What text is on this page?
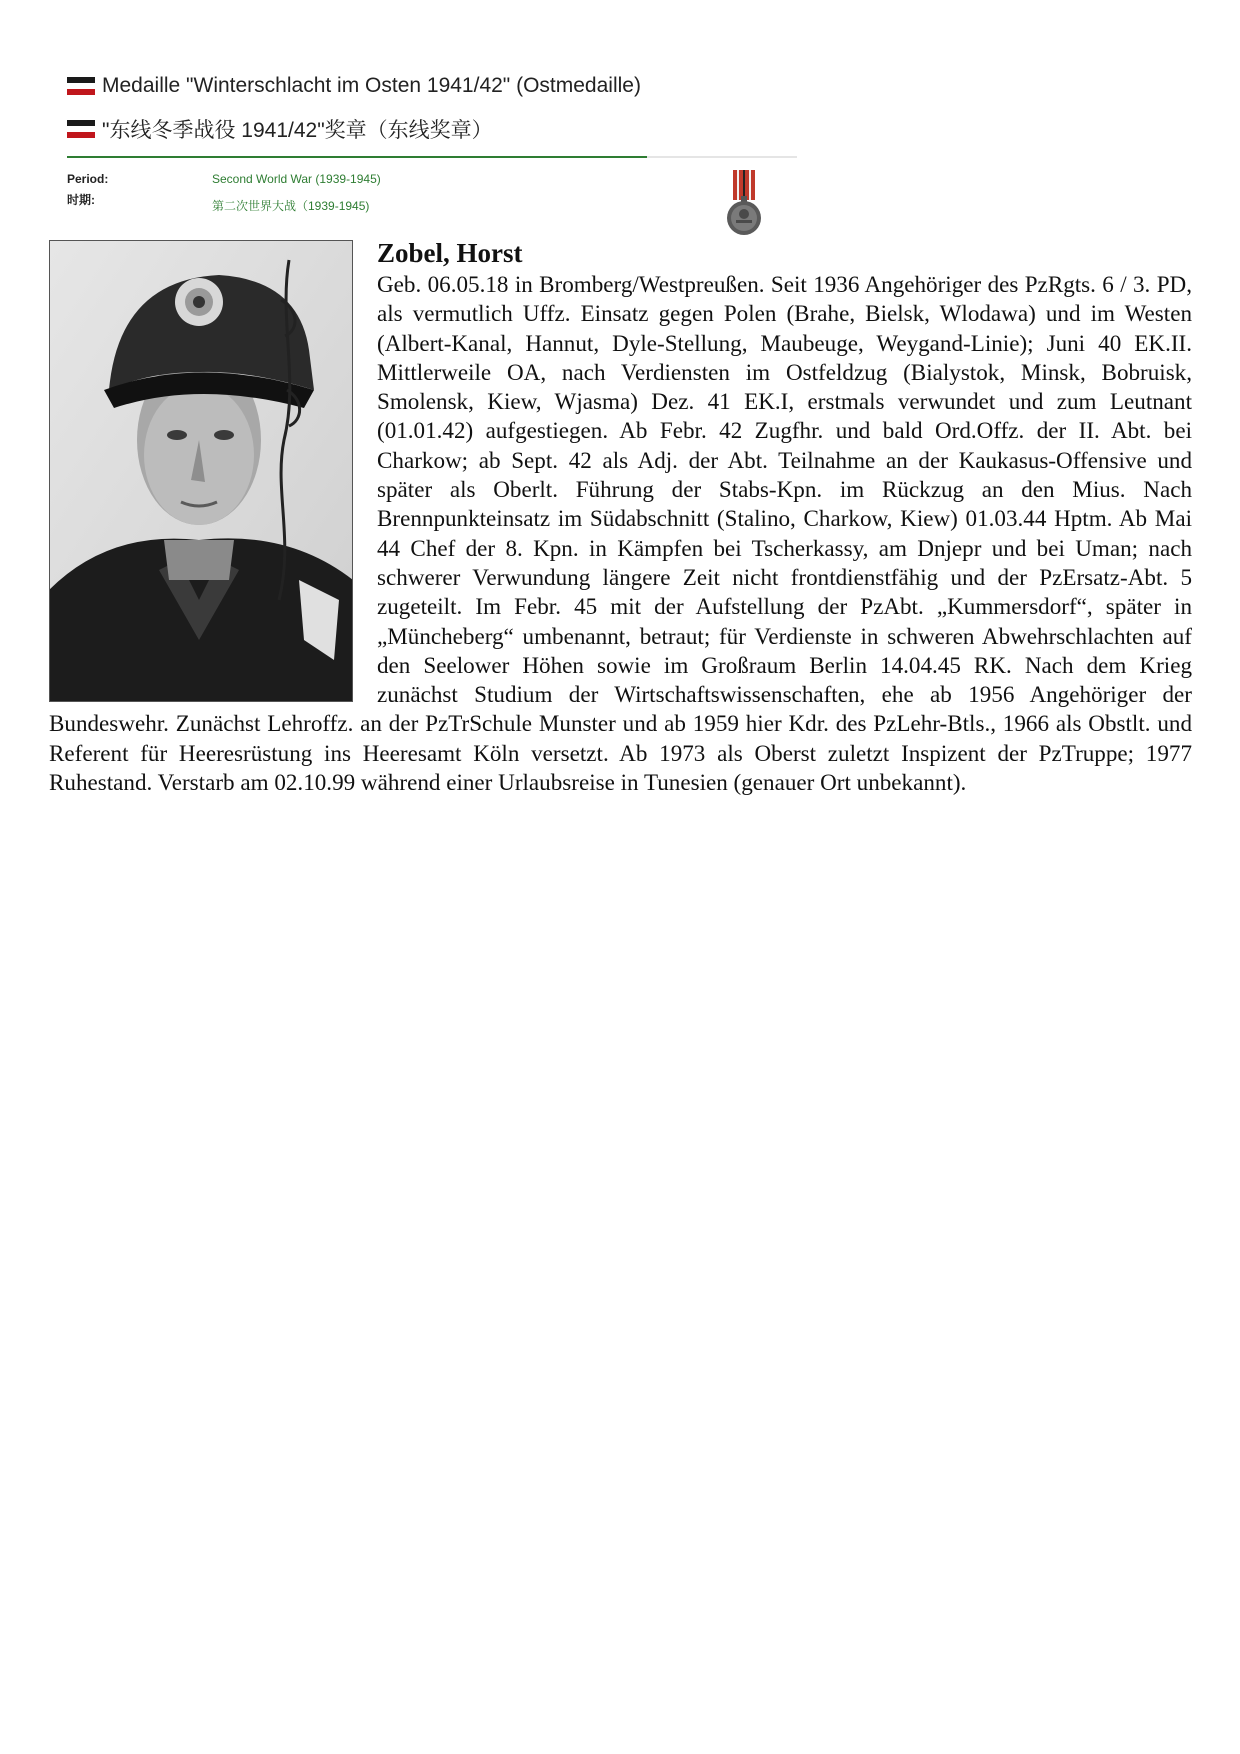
Medaille "Winterschlacht im Osten 1941/42" (Ostmedaille)
"东线冬季战役 1941/42"奖章（东线奖章）
Period:
时期:
Second World War (1939-1945)
第二次世界大战（1939-1945)
Zobel, Horst
Geb. 06.05.18 in Bromberg/Westpreußen. Seit 1936 Angehöriger des PzRgts. 6 / 3. PD, als vermutlich Uffz. Einsatz gegen Polen (Brahe, Bielsk, Wlodawa) und im Westen (Albert-Kanal, Hannut, Dyle-Stellung, Maubeuge, Weygand-Linie); Juni 40 EK.II. Mittlerweile OA, nach Verdiensten im Ostfeldzug (Bialystok, Minsk, Bobruisk, Smolensk, Kiew, Wjasma) Dez. 41 EK.I, erstmals verwundet und zum Leutnant (01.01.42) aufgestiegen. Ab Febr. 42 Zugfhr. und bald Ord.Offz. der II. Abt. bei Charkow; ab Sept. 42 als Adj. der Abt. Teilnahme an der Kaukasus-Offensive und später als Oberlt. Führung der Stabs-Kpn. im Rückzug an den Mius. Nach Brennpunkteinsatz im Südabschnitt (Stalino, Charkow, Kiew) 01.03.44 Hptm. Ab Mai 44 Chef der 8. Kpn. in Kämpfen bei Tscherkassy, am Dnjepr und bei Uman; nach schwerer Verwundung längere Zeit nicht frontdienstfähig und der PzErsatz-Abt. 5 zugeteilt. Im Febr. 45 mit der Aufstellung der PzAbt. „Kummersdorf“, später in „Müncheberg“ umbenannt, betraut; für Verdienste in schweren Abwehrschlachten auf den Seelower Höhen sowie im Großraum Berlin 14.04.45 RK. Nach dem Krieg zunächst Studium der Wirtschaftswissenschaften, ehe ab 1956 Angehöriger der Bundeswehr. Zunächst Lehroffz. an der PzTrSchule Munster und ab 1959 hier Kdr. des PzLehr-Btls., 1966 als Obstlt. und Referent für Heeresrüstung ins Heeresamt Köln versetzt. Ab 1973 als Oberst zuletzt Inspizent der PzTruppe; 1977 Ruhestand. Verstarb am 02.10.99 während einer Urlaubsreise in Tunesien (genauer Ort unbekannt).
